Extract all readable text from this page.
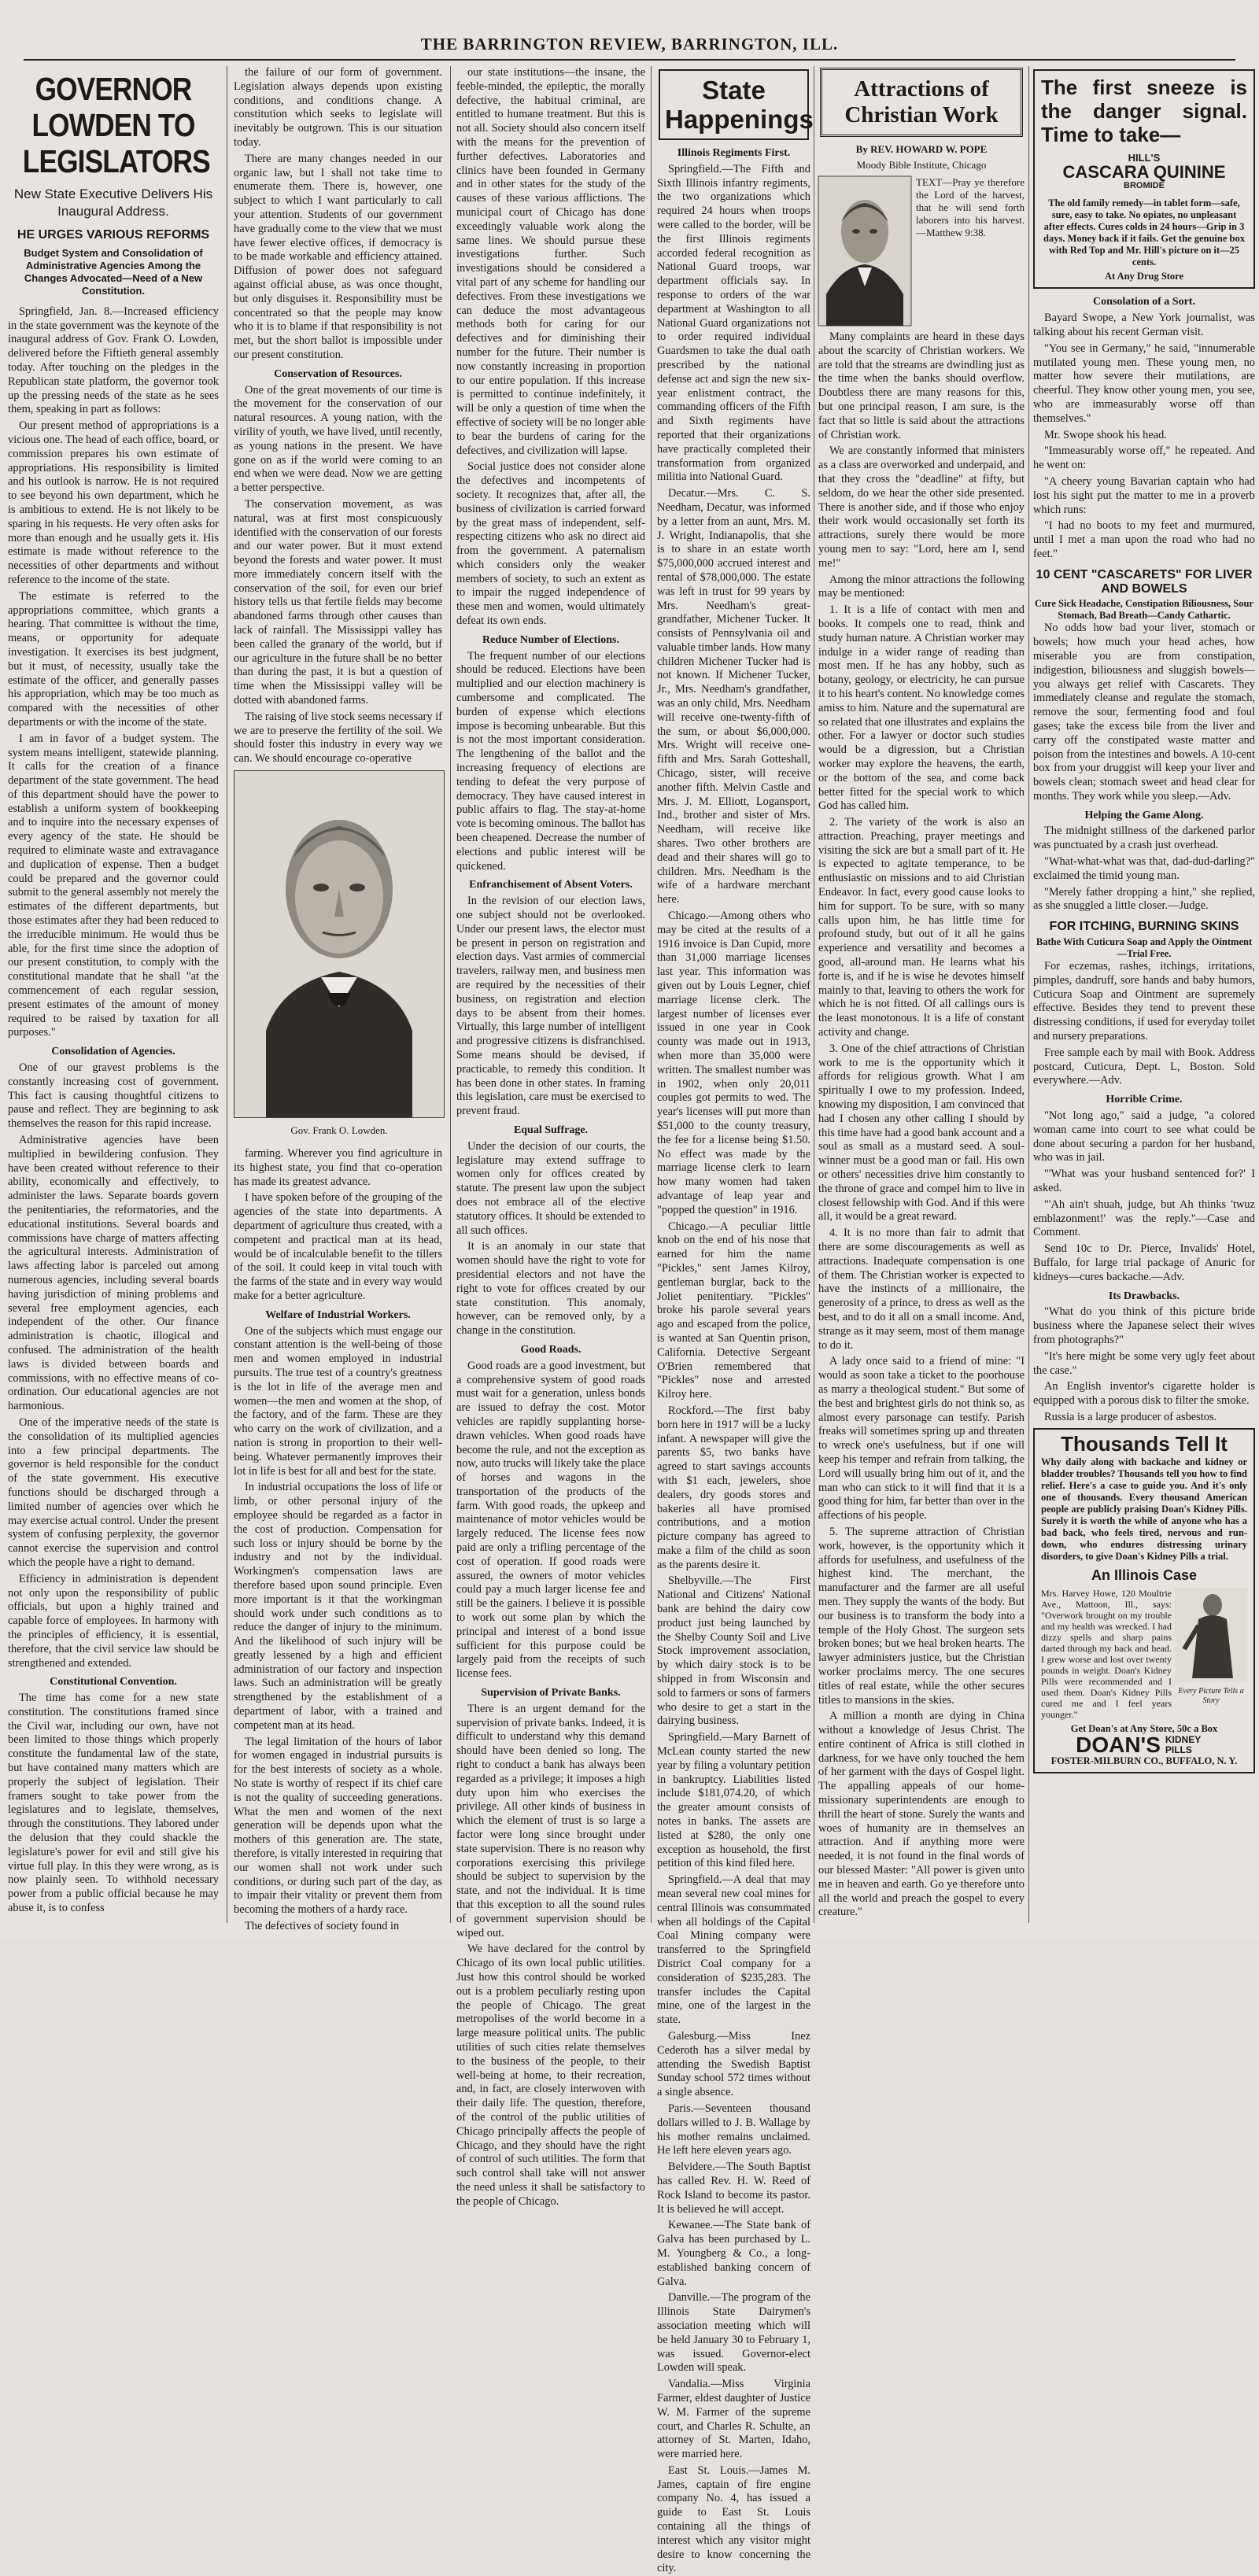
THE BARRINGTON REVIEW, BARRINGTON, ILL.
GOVERNOR LOWDEN TO LEGISLATORS
New State Executive Delivers His Inaugural Address.
HE URGES VARIOUS REFORMS
Budget System and Consolidation of Administrative Agencies Among the Changes Advocated—Need of a New Constitution.

Springfield, Jan. 8.—Increased efficiency in the state government was the keynote of the inaugural address of Gov. Frank O. Lowden, delivered before the Fiftieth general assembly today. After touching on the pledges in the Republican state platform, the governor took up the pressing needs of the state as he sees them, speaking in part as follows:

Our present method of appropriations is a vicious one. The head of each office, board, or commission prepares his own estimate of appropriations. His responsibility is limited and his outlook is narrow. He is not required to see beyond his own department, which he is ambitious to extend. He is not likely to be sparing in his requests. He very often asks for more than enough and he usually gets it. His estimate is made without reference to the necessities of other departments and without reference to the income of the state.

The estimate is referred to the appropriations committee, which grants a hearing. That committee is without the time, means, or opportunity for adequate investigation. It exercises its best judgment, but it must, of necessity, usually take the estimate of the officer, and generally passes his appropriation, which may be too much as compared with the necessities of other departments or with the income of the state.

I am in favor of a budget system. The system means intelligent, statewide planning. It calls for the creation of a finance department of the state government. The head of this department should have the power to establish a uniform system of bookkeeping and to inquire into the necessary expenses of every agency of the state. He should be required to eliminate waste and extravagance and duplication of expense. Then a budget could be prepared and the governor could submit to the general assembly not merely the estimates of the different departments, but those estimates after they had been reduced to the irreducible minimum. He would thus be able, for the first time since the adoption of our present constitution, to comply with the constitutional mandate that he shall "at the commencement of each regular session, present estimates of the amount of money required to be raised by taxation for all purposes."

Consolidation of Agencies.

One of our gravest problems is the constantly increasing cost of government. This fact is causing thoughtful citizens to pause and reflect. They are beginning to ask themselves the reason for this rapid increase.

Administrative agencies have been multiplied in bewildering confusion. They have been created without reference to their ability, economically and effectively, to administer the laws. Separate boards govern the penitentiaries, the reformatories, and the educational institutions. Several boards and commissions have charge of matters affecting the agricultural interests. Administration of laws affecting labor is parceled out among numerous agencies, including several boards having jurisdiction of mining problems and several free employment agencies, each independent of the other. Our finance administration is chaotic, illogical and confused. The administration of the health laws is divided between boards and commissions, with no effective means of co-ordination. Our educational agencies are not harmonious.

One of the imperative needs of the state is the consolidation of its multiplied agencies into a few principal departments. The governor is held responsible for the conduct of the state government. His executive functions should be discharged through a limited number of agencies over which he may exercise actual control. Under the present system of confusing perplexity, the governor cannot exercise the supervision and control which the people have a right to demand.

Efficiency in administration is dependent not only upon the responsibility of public officials, but upon a highly trained and capable force of employees. In harmony with the principles of efficiency, it is essential, therefore, that the civil service law should be strengthened and extended.

Constitutional Convention.

The time has come for a new state constitution. The constitutions framed since the Civil war, including our own, have not been limited to those things which properly constitute the fundamental law of the state, but have contained many matters which are properly the subject of legislation. Their framers sought to take power from the legislatures and to legislate, themselves, through the constitutions. They labored under the delusion that they could shackle the legislature's power for evil and still give his virtue full play. In this they were wrong, as is now plainly seen. To withhold necessary power from a public official because he may abuse it, is to confess

the failure of our form of government. Legislation always depends upon existing conditions, and conditions change. A constitution which seeks to legislate will inevitably be outgrown. This is our situation today.

There are many changes needed in our organic law, but I shall not take time to enumerate them. There is, however, one subject to which I want particularly to call your attention. Students of our government have gradually come to the view that we must have fewer elective offices, if democracy is to be made workable and efficiency attained. Diffusion of power does not safeguard against official abuse, as was once thought, but only disguises it. Responsibility must be concentrated so that the people may know who it is to blame if that responsibility is not met, but the short ballot is impossible under our present constitution.

Conservation of Resources.

One of the great movements of our time is the movement for the conservation of our natural resources. A young nation, with the virility of youth, we have lived, until recently, as young nations in the present. We have gone on as if the world were coming to an end when we were dead. Now we are getting a better perspective.

The conservation movement, as was natural, was at first most conspicuously identified with the conservation of our forests and our water power. But it must extend beyond the forests and water power. It must more immediately concern itself with the conservation of the soil, for even our brief history tells us that fertile fields may become abandoned farms through other causes than lack of rainfall. The Mississippi valley has been called the granary of the world, but if our agriculture in the future shall be no better than during the past, it is but a question of time when the Mississippi valley will be dotted with abandoned farms.

The raising of live stock seems necessary if we are to preserve the fertility of the soil. We should foster this industry in every way we can. We should encourage co-operative

Gov. Frank O. Lowden.

farming. Wherever you find agriculture in its highest state, you find that co-operation has made its greatest advance.

I have spoken before of the grouping of the agencies of the state into departments. A department of agriculture thus created, with a competent and practical man at its head, would be of incalculable benefit to the tillers of the soil. It could keep in vital touch with the farms of the state and in every way would make for a better agriculture.

Welfare of Industrial Workers.

One of the subjects which must engage our constant attention is the well-being of those men and women employed in industrial pursuits. The true test of a country's greatness is the lot in life of the average men and women—the men and women at the shop, of the factory, and of the farm. These are they who carry on the work of civilization, and a nation is strong in proportion to their well-being. Whatever permanently improves their lot in life is best for all and best for the state.

In industrial occupations the loss of life or limb, or other personal injury of the employee should be regarded as a factor in the cost of production. Compensation for such loss or injury should be borne by the industry and not by the individual. Workingmen's compensation laws are therefore based upon sound principle. Even more important is it that the workingman should work under such conditions as to reduce the danger of injury to the minimum. And the likelihood of such injury will be greatly lessened by a high and efficient administration of our factory and inspection laws. Such an administration will be greatly strengthened by the establishment of a department of labor, with a trained and competent man at its head.

The legal limitation of the hours of labor for women engaged in industrial pursuits is for the best interests of society as a whole. No state is worthy of respect if its chief care is not the quality of succeeding generations. What the men and women of the next generation will be depends upon what the mothers of this generation are. The state, therefore, is vitally interested in requiring that our women shall not work under such conditions, or during such part of the day, as to impair their vitality or prevent them from becoming the mothers of a hardy race.

The defectives of society found in

our state institutions—the insane, the feeble-minded, the epileptic, the morally defective, the habitual criminal, are entitled to humane treatment. But this is not all. Society should also concern itself with the means for the prevention of further defectives. Laboratories and clinics have been founded in Germany and in other states for the study of the causes of these various afflictions. The municipal court of Chicago has done exceedingly valuable work along the same lines. We should pursue these investigations further. Such investigations should be considered a vital part of any scheme for handling our defectives. From these investigations we can deduce the most advantageous methods both for caring for our defectives and for diminishing their number for the future. Their number is now constantly increasing in proportion to our entire population. If this increase is permitted to continue indefinitely, it will be only a question of time when the effective of society will be no longer able to bear the burdens of caring for the defectives, and civilization will lapse.

Social justice does not consider alone the defectives and incompetents of society. It recognizes that, after all, the business of civilization is carried forward by the great mass of independent, self-respecting citizens who ask no direct aid from the government. A paternalism which considers only the weaker members of society, to such an extent as to impair the rugged independence of these men and women, would ultimately defeat its own ends.

Reduce Number of Elections.

The frequent number of our elections should be reduced. Elections have been multiplied and our election machinery is cumbersome and complicated. The burden of expense which elections impose is becoming unbearable. But this is not the most important consideration. The lengthening of the ballot and the increasing frequency of elections are tending to defeat the very purpose of democracy. They have caused interest in public affairs to flag. The stay-at-home vote is becoming ominous. The ballot has been cheapened. Decrease the number of elections and public interest will be quickened.

Enfranchisement of Absent Voters.

In the revision of our election laws, one subject should not be overlooked. Under our present laws, the elector must be present in person on registration and election days. Vast armies of commercial travelers, railway men, and business men are required by the necessities of their business, on registration and election days to be absent from their homes. Virtually, this large number of intelligent and progressive citizens is disfranchised. Some means should be devised, if practicable, to remedy this condition. It has been done in other states. In framing this legislation, care must be exercised to prevent fraud.

Equal Suffrage.

Under the decision of our courts, the legislature may extend suffrage to women only for offices created by statute. The present law upon the subject does not embrace all of the elective statutory offices. It should be extended to all such offices.

It is an anomaly in our state that women should have the right to vote for presidential electors and not have the right to vote for offices created by our state constitution. This anomaly, however, can be removed only, by a change in the constitution.

Good Roads.

Good roads are a good investment, but a comprehensive system of good roads must wait for a generation, unless bonds are issued to defray the cost. Motor vehicles are rapidly supplanting horse-drawn vehicles. When good roads have become the rule, and not the exception as now, auto trucks will likely take the place of horses and wagons in the transportation of the products of the farm. With good roads, the upkeep and maintenance of motor vehicles would be largely reduced. The license fees now paid are only a trifling percentage of the cost of operation. If good roads were assured, the owners of motor vehicles could pay a much larger license fee and still be the gainers. I believe it is possible to work out some plan by which the principal and interest of a bond issue sufficient for this purpose could be largely paid from the receipts of such license fees.

Supervision of Private Banks.

There is an urgent demand for the supervision of private banks. Indeed, it is difficult to understand why this demand should have been denied so long. The right to conduct a bank has always been regarded as a privilege; it imposes a high duty upon him who exercises the privilege. All other kinds of business in which the element of trust is so large a factor were long since brought under state supervision. There is no reason why corporations exercising this privilege should be subject to supervision by the state, and not the individual. It is time that this exception to all the sound rules of government supervision should be wiped out.

We have declared for the control by Chicago of its own local public utilities. Just how this control should be worked out is a problem peculiarly resting upon the people of Chicago. The great metropolises of the world become in a large measure political units. The public utilities of such cities relate themselves to the business of the people, to their well-being at home, to their recreation, and, in fact, are closely interwoven with their daily life. The question, therefore, of the control of the public utilities of Chicago principally affects the people of Chicago, and they should have the right of control of such utilities. The form that such control shall take will not answer the need unless it shall be satisfactory to the people of Chicago.

State Happenings
Illinois Regiments First.

Springfield.—The Fifth and Sixth Illinois infantry regiments, the two organizations which required 24 hours when troops were called to the border, will be the first Illinois regiments accorded federal recognition as National Guard troops, war department officials say. In response to orders of the war department at Washington to all National Guard organizations not to order required individual Guardsmen to take the dual oath prescribed by the national defense act and sign the new six-year enlistment contract, the commanding officers of the Fifth and Sixth regiments have reported that their organizations have practically completed their transformation from organized militia into National Guard.

Decatur.—Mrs. C. S. Needham, Decatur, was informed by a letter from an aunt, Mrs. M. J. Wright, Indianapolis, that she is to share in an estate worth $75,000,000 accrued interest and rental of $78,000,000. The estate was left in trust for 99 years by Mrs. Needham's great-grandfather, Michener Tucker. It consists of Pennsylvania oil and valuable timber lands. How many children Michener Tucker had is not known. If Michener Tucker, Jr., Mrs. Needham's grandfather, was an only child, Mrs. Needham will receive one-twenty-fifth of the sum, or about $6,000,000. Mrs. Wright will receive one-fifth and Mrs. Sarah Gotteshall, Chicago, sister, will receive another fifth. Melvin Castle and Mrs. J. M. Elliott, Logansport, Ind., brother and sister of Mrs. Needham, will receive like shares. Two other brothers are dead and their shares will go to children. Mrs. Needham is the wife of a hardware merchant here.

Chicago.—Among others who may be cited at the results of a 1916 invoice is Dan Cupid, more than 31,000 marriage licenses last year. This information was given out by Louis Legner, chief marriage license clerk. The largest number of licenses ever issued in one year in Cook county was made out in 1913, when more than 35,000 were written. The smallest number was in 1902, when only 20,011 couples got permits to wed. The year's licenses will put more than $51,000 to the county treasury, the fee for a license being $1.50. No effect was made by the marriage license clerk to learn how many women had taken advantage of leap year and "popped the question" in 1916.

Chicago.—A peculiar little knob on the end of his nose that earned for him the name "Pickles," sent James Kilroy, gentleman burglar, back to the Joliet penitentiary. "Pickles" broke his parole several years ago and escaped from the police, is wanted at San Quentin prison, California. Detective Sergeant O'Brien remembered that "Pickles" nose and arrested Kilroy here.

Rockford.—The first baby born here in 1917 will be a lucky infant. A newspaper will give the parents $5, two banks have agreed to start savings accounts with $1 each, jewelers, shoe dealers, dry goods stores and bakeries all have promised contributions, and a motion picture company has agreed to make a film of the child as soon as the parents desire it.

Shelbyville.—The First National and Citizens' National bank are behind the dairy cow product just being launched by the Shelby County Soil and Live Stock improvement association, by which dairy stock is to be shipped in from Wisconsin and sold to farmers or sons of farmers who desire to get a start in the dairying business.

Springfield.—Mary Barnett of McLean county started the new year by filing a voluntary petition in bankruptcy. Liabilities listed include $181,074.20, of which the greater amount consists of notes in banks. The assets are listed at $280, the only one exception as household, the first petition of this kind filed here.

Springfield.—A deal that may mean several new coal mines for central Illinois was consummated when all holdings of the Capital Coal Mining company were transferred to the Springfield District Coal company for a consideration of $235,283. The transfer includes the Capital mine, one of the largest in the state.

Galesburg.—Miss Inez Cederoth has a silver medal by attending the Swedish Baptist Sunday school 572 times without a single absence.

Paris.—Seventeen thousand dollars willed to J. B. Wallage by his mother remains unclaimed. He left here eleven years ago.

Belvidere.—The South Baptist has called Rev. H. W. Reed of Rock Island to become its pastor. It is believed he will accept.

Kewanee.—The State bank of Galva has been purchased by L. M. Youngberg & Co., a long-established banking concern of Galva.

Danville.—The program of the Illinois State Dairymen's association meeting which will be held January 30 to February 1, was issued. Governor-elect Lowden will speak.

Vandalia.—Miss Virginia Farmer, eldest daughter of Justice W. M. Farmer of the supreme court, and Charles R. Schulte, an attorney of St. Marten, Idaho, were married here.

East St. Louis.—James M. James, captain of fire engine company No. 4, has issued a guide to East St. Louis containing all the things of interest which any visitor might desire to know concerning the city.

Attractions of Christian Work
By REV. HOWARD W. POPE
Moody Bible Institute, Chicago
TEXT—Pray ye therefore the Lord of the harvest, that he will send forth laborers into his harvest.—Matthew 9:38.

Many complaints are heard in these days about the scarcity of Christian workers. We are told that the streams are dwindling just as the time when the banks should overflow. Doubtless there are many reasons for this, but one principal reason, I am sure, is the fact that so little is said about the attractions of Christian work.

We are constantly informed that ministers as a class are overworked and underpaid, and that they cross the "deadline" at fifty, but seldom, do we hear the other side presented. There is another side, and if those who enjoy their work would occasionally set forth its attractions, surely there would be more young men to say: "Lord, here am I, send me!"

Among the minor attractions the following may be mentioned:

1. It is a life of contact with men and books. It compels one to read, think and study human nature. A Christian worker may indulge in a wider range of reading than most men. If he has any hobby, such as botany, geology, or electricity, he can pursue it to his heart's content. No knowledge comes amiss to him. Nature and the supernatural are so related that one illustrates and explains the other. For a lawyer or doctor such studies would be a digression, but a Christian worker may explore the heavens, the earth, or the bottom of the sea, and come back better fitted for the special work to which God has called him.

2. The variety of the work is also an attraction. Preaching, prayer meetings and visiting the sick are but a small part of it. He is expected to agitate temperance, to be enthusiastic on missions and to aid Christian Endeavor. In fact, every good cause looks to him for support. To be sure, with so many calls upon him, he has little time for profound study, but out of it all he gains experience and versatility and becomes a good, all-around man. He learns what his forte is, and if he is wise he devotes himself mainly to that, leaving to others the work for which he is not fitted. Of all callings ours is the least monotonous. It is a life of constant activity and change.

3. One of the chief attractions of Christian work to me is the opportunity which it affords for religious growth. What I am spiritually I owe to my profession. Indeed, knowing my disposition, I am convinced that had I chosen any other calling I should by this time have had a good bank account and a soul as small as a mustard seed. A soul-winner must be a good man or fail. His own or others' necessities drive him constantly to the throne of grace and compel him to live in closest fellowship with God. And if this were all, it would be a great reward.

4. It is no more than fair to admit that there are some discouragements as well as attractions. Inadequate compensation is one of them. The Christian worker is expected to have the instincts of a millionaire, the generosity of a prince, to dress as well as the best, and to do it all on a small income. And, strange as it may seem, most of them manage to do it.

A lady once said to a friend of mine: "I would as soon take a ticket to the poorhouse as marry a theological student." But some of the best and brightest girls do not think so, as almost every parsonage can testify. Parish freaks will sometimes spring up and threaten to wreck one's usefulness, but if one will keep his temper and refrain from talking, the Lord will usually bring him out of it, and the man who can stick to it will find that it is a good thing for him, far better than over in the affections of his people.

5. The supreme attraction of Christian work, however, is the opportunity which it affords for usefulness, and usefulness of the highest kind. The merchant, the manufacturer and the farmer are all useful men. They supply the wants of the body. But our business is to transform the body into a temple of the Holy Ghost. The surgeon sets broken bones; but we heal broken hearts. The lawyer administers justice, but the Christian worker proclaims mercy. The one secures titles of real estate, while the other secures titles to mansions in the skies.

A million a month are dying in China without a knowledge of Jesus Christ. The entire continent of Africa is still clothed in darkness, for we have only touched the hem of her garment with the days of Gospel light. The appalling appeals of our home-missionary superintendents are enough to thrill the heart of stone. Surely the wants and woes of humanity are in themselves an attraction. And if anything more were needed, it is not found in the final words of our blessed Master: "All power is given unto me in heaven and earth. Go ye therefore unto all the world and preach the gospel to every creature."

The first sneeze is the danger signal. Time to take—
HILL'S
CASCARA QUININE
BROMIDE
The old family remedy—in tablet form—safe, sure, easy to take. No opiates, no unpleasant after effects. Cures colds in 24 hours—Grip in 3 days. Money back if it fails. Get the genuine box with Red Top and Mr. Hill's picture on it—25 cents.
At Any Drug Store
Consolation of a Sort.

Bayard Swope, a New York journalist, was talking about his recent German visit.

"You see in Germany," he said, "innumerable mutilated young men. These young men, no matter how severe their mutilations, are cheerful. They know other young men, you see, who are immeasurably worse off than themselves."

Mr. Swope shook his head.

"Immeasurably worse off," he repeated. And he went on:

"A cheery young Bavarian captain who had lost his sight put the matter to me in a proverb which runs:

"I had no boots to my feet and murmured, until I met a man upon the road who had no feet."

10 CENT "CASCARETS" FOR LIVER AND BOWELS
Cure Sick Headache, Constipation Biliousness, Sour Stomach, Bad Breath—Candy Cathartic.

No odds how bad your liver, stomach or bowels; how much your head aches, how miserable you are from constipation, indigestion, biliousness and sluggish bowels—you always get relief with Cascarets. They immediately cleanse and regulate the stomach, remove the sour, fermenting food and foul gases; take the excess bile from the liver and carry off the constipated waste matter and poison from the intestines and bowels. A 10-cent box from your druggist will keep your liver and bowels clean; stomach sweet and head clear for months. They work while you sleep.—Adv.

Helping the Game Along.

The midnight stillness of the darkened parlor was punctuated by a crash just overhead.

"What-what-what was that, dad-dud-darling?" exclaimed the timid young man.

"Merely father dropping a hint," she replied, as she snuggled a little closer.—Judge.

FOR ITCHING, BURNING SKINS
Bathe With Cuticura Soap and Apply the Ointment—Trial Free.

For eczemas, rashes, itchings, irritations, pimples, dandruff, sore hands and baby humors, Cuticura Soap and Ointment are supremely effective. Besides they tend to prevent these distressing conditions, if used for everyday toilet and nursery preparations.

Free sample each by mail with Book. Address postcard, Cuticura, Dept. L, Boston. Sold everywhere.—Adv.

Horrible Crime.

"Not long ago," said a judge, "a colored woman came into court to see what could be done about securing a pardon for her husband, who was in jail.

"'What was your husband sentenced for?' I asked.

"'Ah ain't shuah, judge, but Ah thinks 'twuz emblazonment!' was the reply."—Case and Comment.

Send 10c to Dr. Pierce, Invalids' Hotel, Buffalo, for large trial package of Anuric for kidneys—cures backache.—Adv.

Its Drawbacks.

"What do you think of this picture bride business where the Japanese select their wives from photographs?"

"It's here might be some very ugly feet about the case."

An English inventor's cigarette holder is equipped with a porous disk to filter the smoke.

Russia is a large producer of asbestos.

Thousands Tell It
Why daily along with backache and kidney or bladder troubles? Thousands tell you how to find relief. Here's a case to guide you. And it's only one of thousands. Every thousand American people are publicly praising Doan's Kidney Pills. Surely it is worth the while of anyone who has a bad back, who feels tired, nervous and run-down, who endures distressing urinary disorders, to give Doan's Kidney Pills a trial.
An Illinois Case
Mrs. Harvey Howe, 120 Moultrie Ave., Mattoon, Ill., says: "Overwork brought on my trouble and my health was wrecked. I had dizzy spells and sharp pains darted through my back and head. I grew worse and lost over twenty pounds in weight. Doan's Kidney Pills were recommended and I used them. Doan's Kidney Pills cured me and I feel years younger."
Every Picture Tells a Story
Get Doan's at Any Store, 50c a Box
DOAN'S KIDNEY PILLS
FOSTER-MILBURN CO., BUFFALO, N. Y.
